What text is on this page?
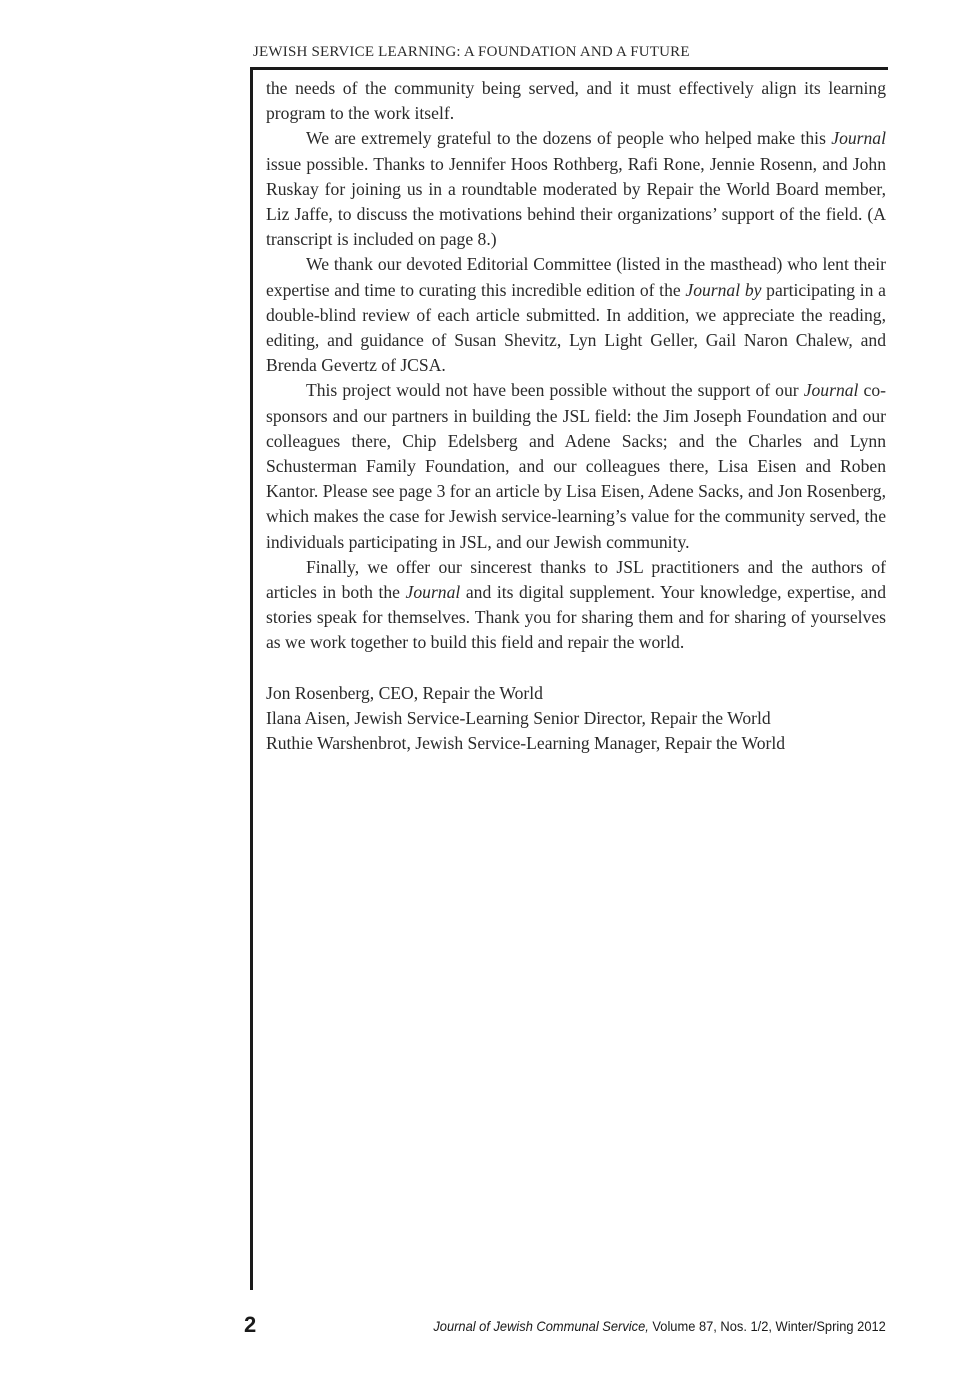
JEWISH SERVICE LEARNING: A FOUNDATION AND A FUTURE

the needs of the community being served, and it must effectively align its learning program to the work itself.

We are extremely grateful to the dozens of people who helped make this Journal issue possible. Thanks to Jennifer Hoos Rothberg, Rafi Rone, Jennie Rosenn, and John Ruskay for joining us in a roundtable moderated by Repair the World Board member, Liz Jaffe, to discuss the motivations behind their organizations’ support of the field. (A transcript is included on page 8.)

We thank our devoted Editorial Committee (listed in the masthead) who lent their expertise and time to curating this incredible edition of the Journal by participating in a double-blind review of each article submitted. In addition, we appreciate the reading, editing, and guidance of Susan Shevitz, Lyn Light Geller, Gail Naron Chalew, and Brenda Gevertz of JCSA.

This project would not have been possible without the support of our Journal co-sponsors and our partners in building the JSL field: the Jim Joseph Foundation and our colleagues there, Chip Edelsberg and Adene Sacks; and the Charles and Lynn Schusterman Family Foundation, and our colleagues there, Lisa Eisen and Roben Kantor. Please see page 3 for an article by Lisa Eisen, Adene Sacks, and Jon Rosenberg, which makes the case for Jewish service-learning’s value for the community served, the individuals participating in JSL, and our Jewish community.

Finally, we offer our sincerest thanks to JSL practitioners and the authors of articles in both the Journal and its digital supplement. Your knowledge, expertise, and stories speak for themselves. Thank you for sharing them and for sharing of yourselves as we work together to build this field and repair the world.

Jon Rosenberg, CEO, Repair the World
Ilana Aisen, Jewish Service-Learning Senior Director, Repair the World
Ruthie Warshenbrot, Jewish Service-Learning Manager, Repair the World
2	Journal of Jewish Communal Service, Volume 87, Nos. 1/2, Winter/Spring 2012
